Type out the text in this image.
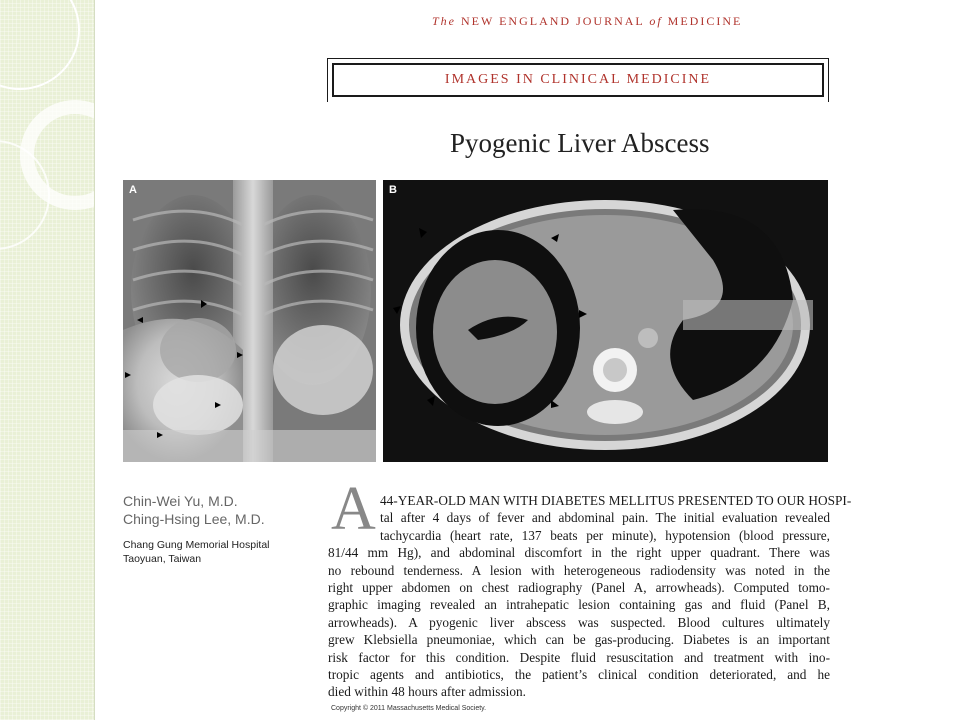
The NEW ENGLAND JOURNAL of MEDICINE
IMAGES IN CLINICAL MEDICINE
Pyogenic Liver Abscess
A	B
Chin-Wei Yu, M.D.
Ching-Hsing Lee, M.D.
Chang Gung Memorial Hospital
Taoyuan, Taiwan
A 44-YEAR-OLD MAN WITH DIABETES MELLITUS PRESENTED TO OUR HOSPI-
tal after 4 days of fever and abdominal pain. The initial evaluation revealed
tachycardia (heart rate, 137 beats per minute), hypotension (blood pressure,
81/44 mm Hg), and abdominal discomfort in the right upper quadrant. There was
no rebound tenderness. A lesion with heterogeneous radiodensity was noted in the
right upper abdomen on chest radiography (Panel A, arrowheads). Computed tomo-
graphic imaging revealed an intrahepatic lesion containing gas and fluid (Panel B,
arrowheads). A pyogenic liver abscess was suspected. Blood cultures ultimately
grew Klebsiella pneumoniae, which can be gas-producing. Diabetes is an important
risk factor for this condition. Despite fluid resuscitation and treatment with ino-
tropic agents and antibiotics, the patient’s clinical condition deteriorated, and he
died within 48 hours after admission.
Copyright © 2011 Massachusetts Medical Society.
